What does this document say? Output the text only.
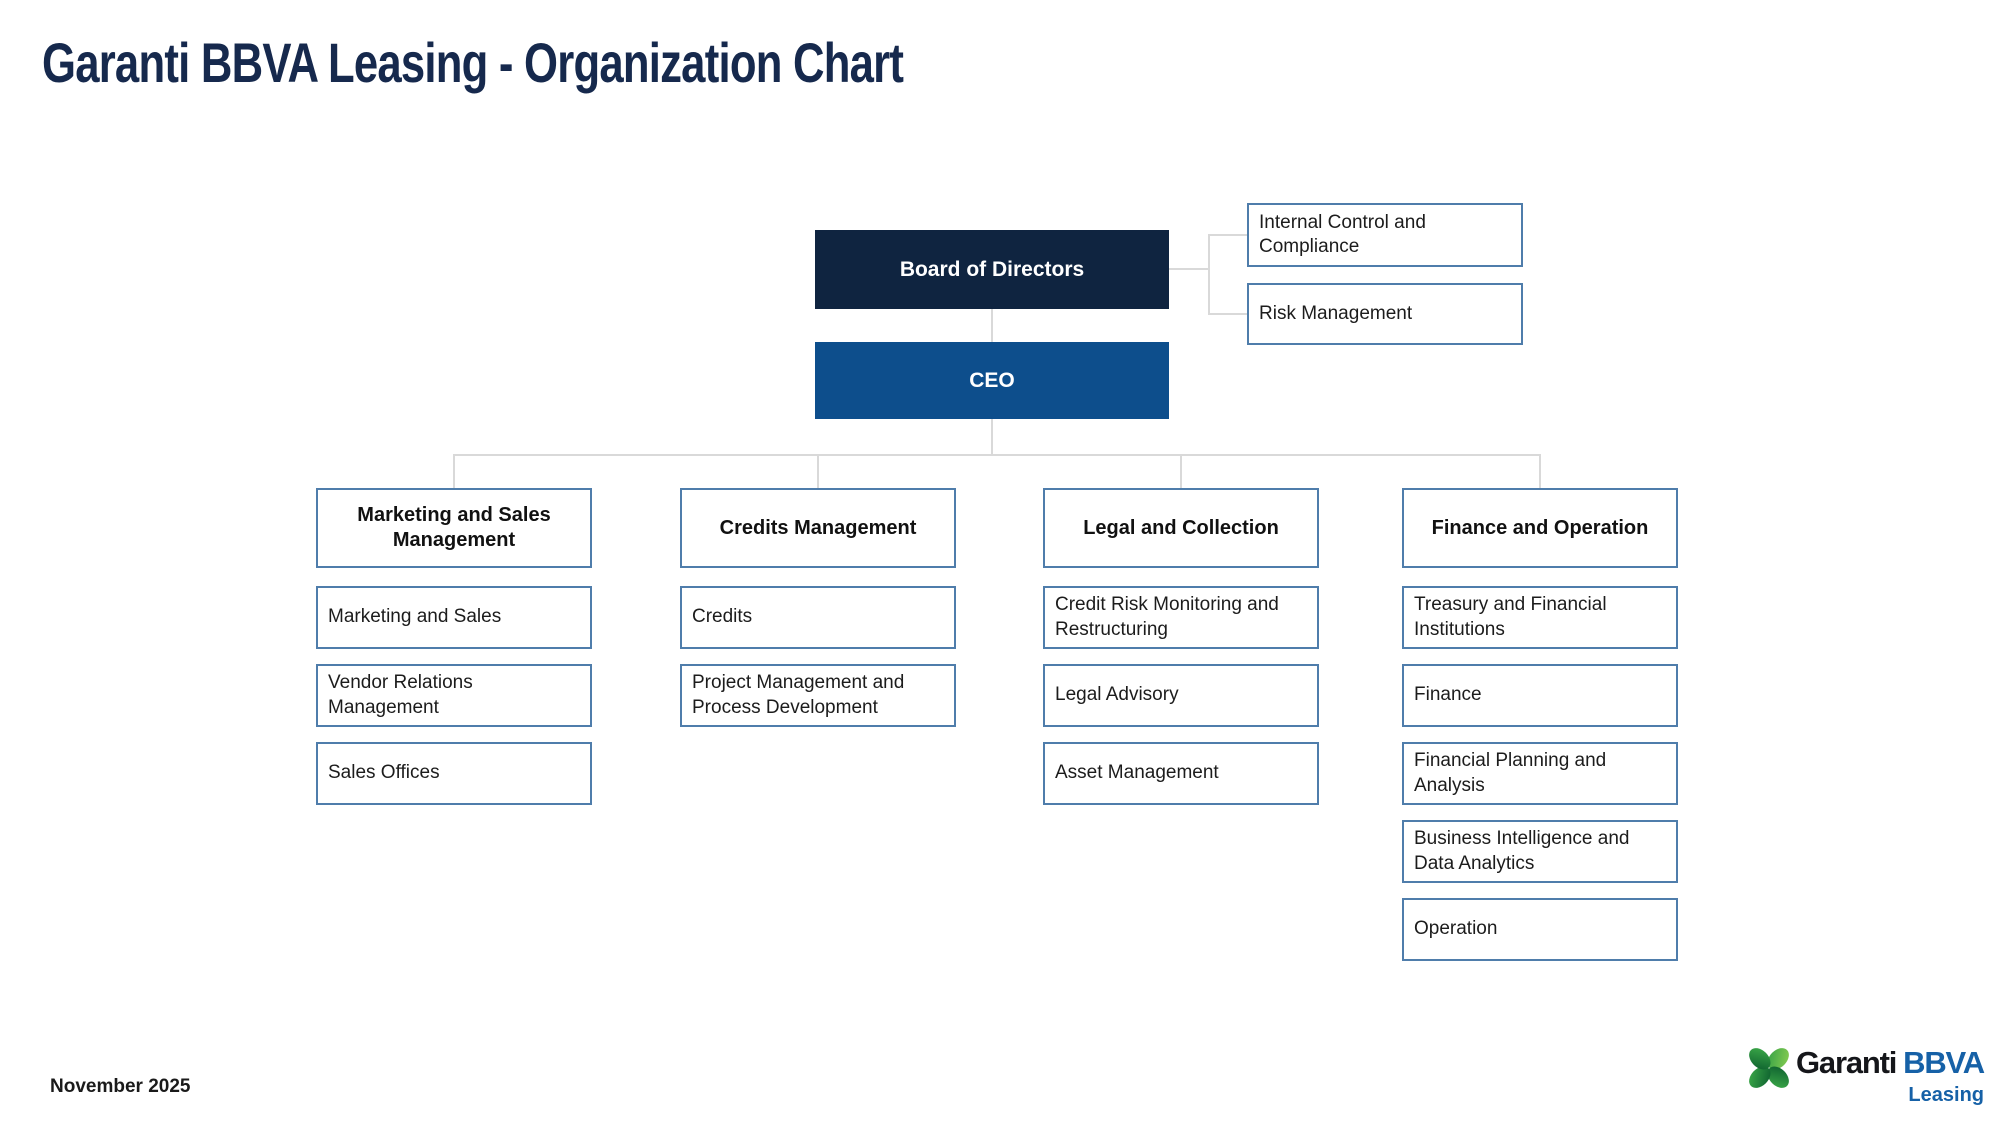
Garanti BBVA Leasing - Organization Chart
Board of Directors
CEO
Internal Control and Compliance
Risk Management
Marketing and Sales Management
Credits Management	Legal and Collection	Finance and Operation
Marketing and Sales
Vendor Relations Management
Sales Offices
Credits
Project Management and Process Development
Credit Risk Monitoring and Restructuring
Legal Advisory
Asset Management
Treasury and Financial Institutions
Finance
Financial Planning and Analysis
Business Intelligence and Data Analytics
Operation
November 2025
Garanti BBVA
Leasing
